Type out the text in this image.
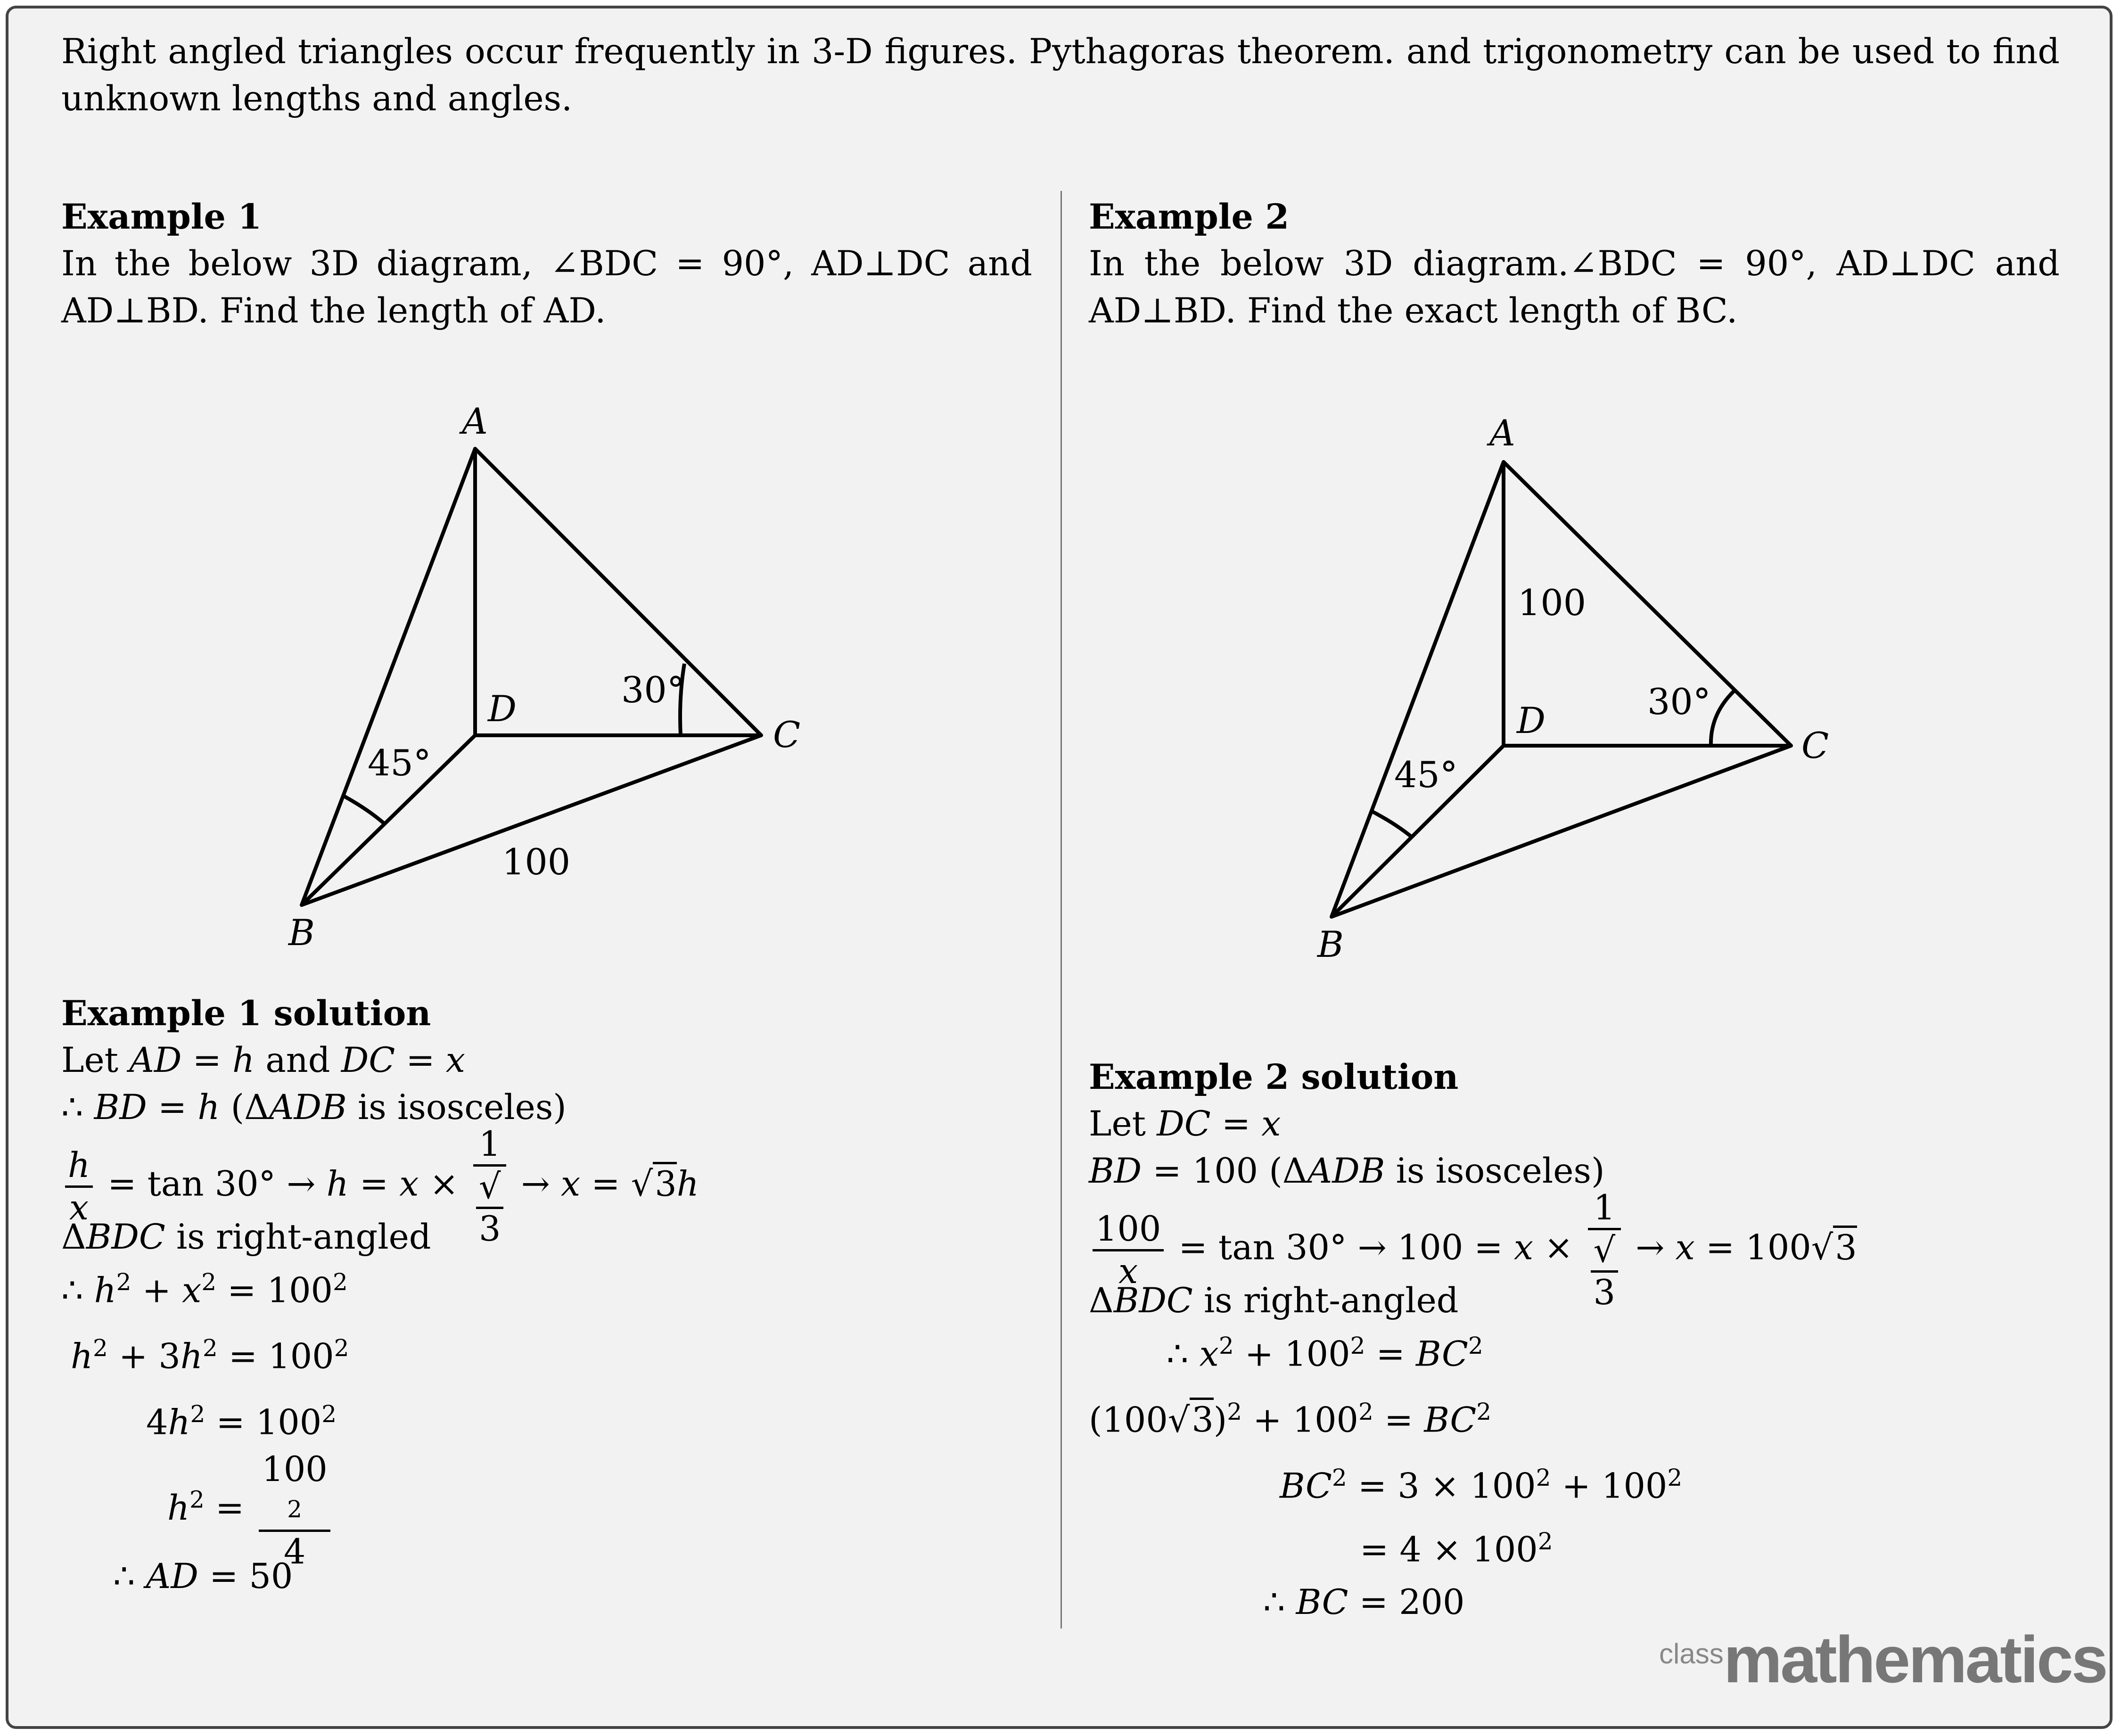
Right angled triangles occur frequently in 3-D figures. Pythagoras theorem. and trigonometry can be used to find unknown lengths and angles.
Example 1
In the below 3D diagram, ∠BDC = 90°, AD⊥DC and AD⊥BD. Find the length of AD.
A
B
C
D
45°
30°
100
Example 1 solution
Let AD = h and DC = x
∴ BD = h (ΔADB is isosceles)
$\frac{h}{x} = \tan 30^\circ \to h = x \times 1$
√
3 → x = √3h
ΔBDC is right-angled
∴ $h^2 + x^2 = 100^2$
$h^2 + 3h^2 = 100^2$
$4h^2 = 100^2$
$h^2 = 100$
2
4
∴ AD = 50
Example 2
In the below 3D diagram.∠BDC = 90°, AD⊥DC and AD⊥BD. Find the exact length of BC.
A
B
C
D
45°
30°
100
Example 2 solution
Let DC = x
BD = 100 (ΔADB is isosceles)
$\frac{100}{x} = \tan 30^\circ \to 100 = x \times 1$
√
3 → x = 100√3
ΔBDC is right-angled
∴ $x^2 + 100^2 = BC^2$
$(100√3)^2 + 100^2 = BC^2$
$BC^2 = 3 \times 100^2 + 100^2$
= $4 \times 100^2$
∴ BC = 200
classmathematics
